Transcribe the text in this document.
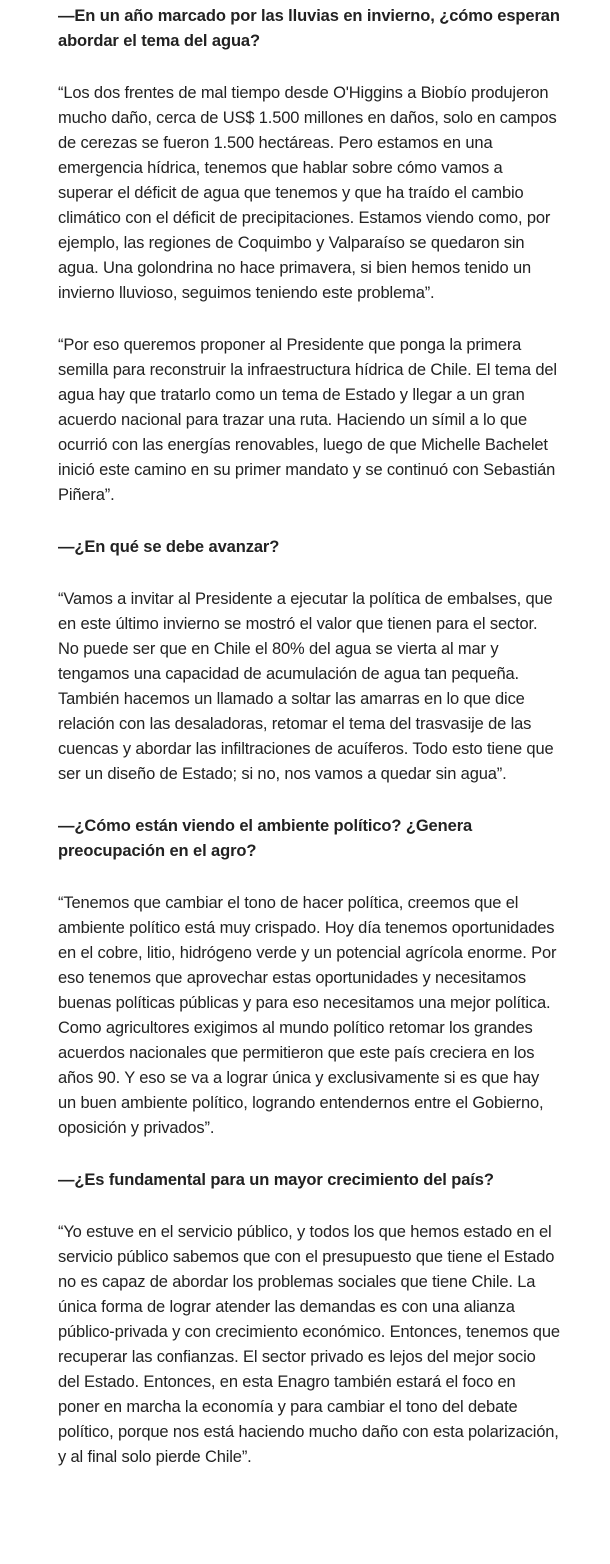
—En un año marcado por las lluvias en invierno, ¿cómo esperan abordar el tema del agua?

“Los dos frentes de mal tiempo desde O'Higgins a Biobío produjeron mucho daño, cerca de US$ 1.500 millones en daños, solo en campos de cerezas se fueron 1.500 hectáreas. Pero estamos en una emergencia hídrica, tenemos que hablar sobre cómo vamos a superar el déficit de agua que tenemos y que ha traído el cambio climático con el déficit de precipitaciones. Estamos viendo como, por ejemplo, las regiones de Coquimbo y Valparaíso se quedaron sin agua. Una golondrina no hace primavera, si bien hemos tenido un invierno lluvioso, seguimos teniendo este problema”.

“Por eso queremos proponer al Presidente que ponga la primera semilla para reconstruir la infraestructura hídrica de Chile. El tema del agua hay que tratarlo como un tema de Estado y llegar a un gran acuerdo nacional para trazar una ruta. Haciendo un símil a lo que ocurrió con las energías renovables, luego de que Michelle Bachelet inició este camino en su primer mandato y se continuó con Sebastián Piñera”.

—¿En qué se debe avanzar?

“Vamos a invitar al Presidente a ejecutar la política de embalses, que en este último invierno se mostró el valor que tienen para el sector. No puede ser que en Chile el 80% del agua se vierta al mar y tengamos una capacidad de acumulación de agua tan pequeña. También hacemos un llamado a soltar las amarras en lo que dice relación con las desaladoras, retomar el tema del trasvasije de las cuencas y abordar las infiltraciones de acuíferos. Todo esto tiene que ser un diseño de Estado; si no, nos vamos a quedar sin agua”.

—¿Cómo están viendo el ambiente político? ¿Genera preocupación en el agro?

“Tenemos que cambiar el tono de hacer política, creemos que el ambiente político está muy crispado. Hoy día tenemos oportunidades en el cobre, litio, hidrógeno verde y un potencial agrícola enorme. Por eso tenemos que aprovechar estas oportunidades y necesitamos buenas políticas públicas y para eso necesitamos una mejor política. Como agricultores exigimos al mundo político retomar los grandes acuerdos nacionales que permitieron que este país creciera en los años 90. Y eso se va a lograr única y exclusivamente si es que hay un buen ambiente político, logrando entendernos entre el Gobierno, oposición y privados”.

—¿Es fundamental para un mayor crecimiento del país?

“Yo estuve en el servicio público, y todos los que hemos estado en el servicio público sabemos que con el presupuesto que tiene el Estado no es capaz de abordar los problemas sociales que tiene Chile. La única forma de lograr atender las demandas es con una alianza público-privada y con crecimiento económico. Entonces, tenemos que recuperar las confianzas. El sector privado es lejos del mejor socio del Estado. Entonces, en esta Enagro también estará el foco en poner en marcha la economía y para cambiar el tono del debate político, porque nos está haciendo mucho daño con esta polarización, y al final solo pierde Chile”.
